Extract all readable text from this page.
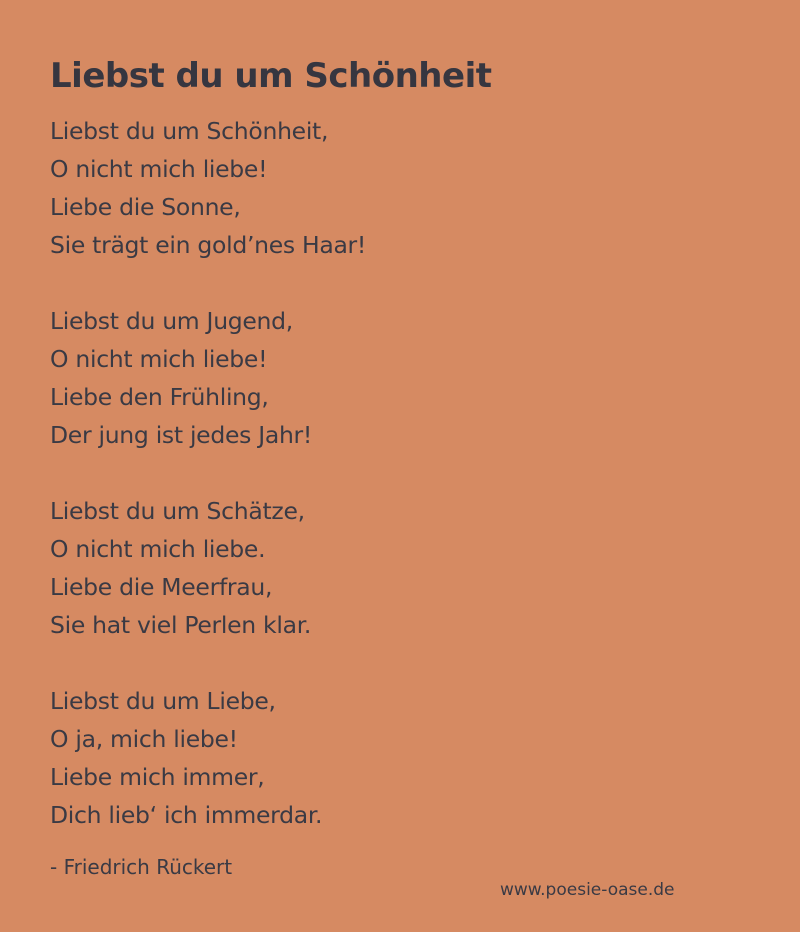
Liebst du um Schönheit
Liebst du um Schönheit,
O nicht mich liebe!
Liebe die Sonne,
Sie trägt ein gold’nes Haar!
Liebst du um Jugend,
O nicht mich liebe!
Liebe den Frühling,
Der jung ist jedes Jahr!
Liebst du um Schätze,
O nicht mich liebe.
Liebe die Meerfrau,
Sie hat viel Perlen klar.
Liebst du um Liebe,
O ja, mich liebe!
Liebe mich immer,
Dich lieb‘ ich immerdar.
- Friedrich Rückert
www.poesie-oase.de
